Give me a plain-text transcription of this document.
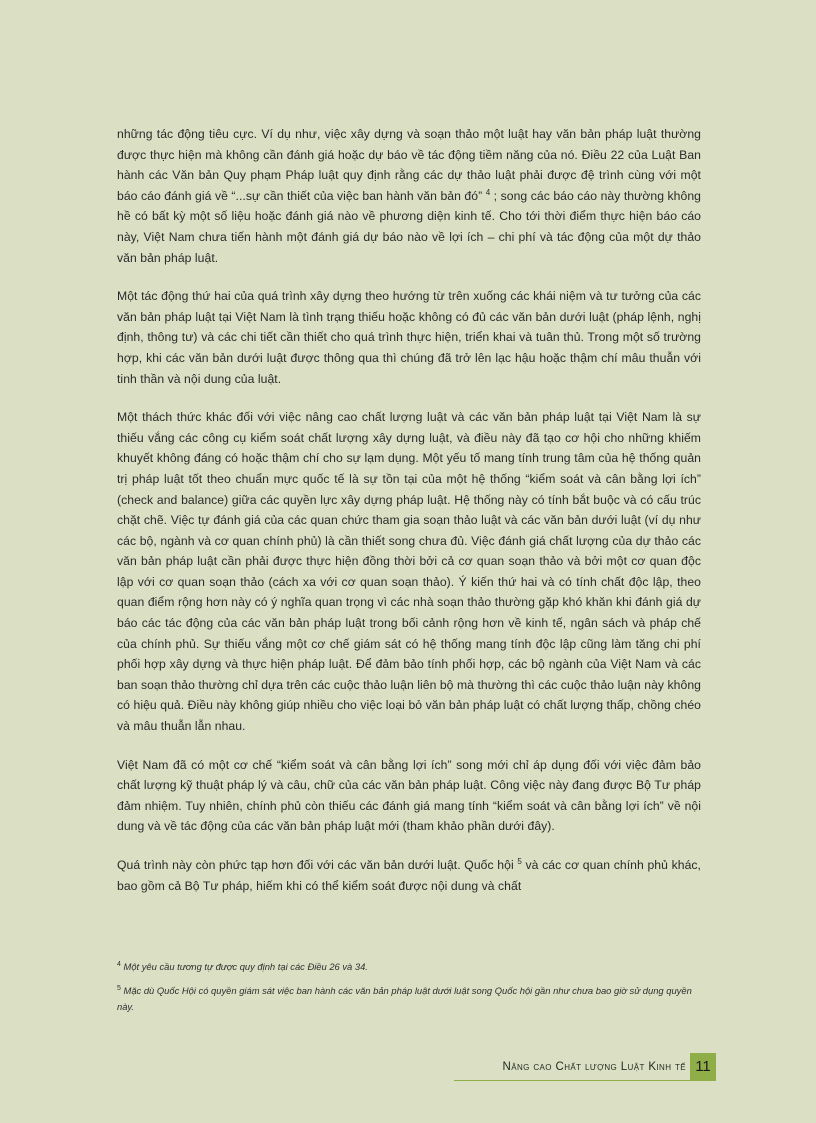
những tác động tiêu cực. Ví dụ như, việc xây dựng và soạn thảo một luật hay văn bản pháp luật thường được thực hiện mà không cần đánh giá hoặc dự báo về tác động tiềm năng của nó. Điều 22 của Luật Ban hành các Văn bản Quy phạm Pháp luật quy định rằng các dự thảo luật phải được đệ trình cùng với một báo cáo đánh giá về “...sự cần thiết của việc ban hành văn bản đó” $^4$ ; song các báo cáo này thường không hề có bất kỳ một số liệu hoặc đánh giá nào về phương diện kinh tế. Cho tới thời điểm thực hiện báo cáo này, Việt Nam chưa tiến hành một đánh giá dự báo nào về lợi ích – chi phí và tác động của một dự thảo văn bản pháp luật.

Một tác động thứ hai của quá trình xây dựng theo hướng từ trên xuống các khái niệm và tư tưởng của các văn bản pháp luật tại Việt Nam là tình trạng thiếu hoặc không có đủ các văn bản dưới luật (pháp lệnh, nghị định, thông tư) và các chi tiết cần thiết cho quá trình thực hiện, triển khai và tuân thủ. Trong một số trường hợp, khi các văn bản dưới luật được thông qua thì chúng đã trở lên lạc hậu hoặc thậm chí mâu thuẫn với tinh thần và nội dung của luật.

Một thách thức khác đối với việc nâng cao chất lượng luật và các văn bản pháp luật tại Việt Nam là sự thiếu vắng các công cụ kiểm soát chất lượng xây dựng luật, và điều này đã tạo cơ hội cho những khiếm khuyết không đáng có hoặc thậm chí cho sự lạm dụng. Một yếu tố mang tính trung tâm của hệ thống quản trị pháp luật tốt theo chuẩn mực quốc tế là sự tồn tại của một hệ thống “kiểm soát và cân bằng lợi ích” (check and balance) giữa các quyền lực xây dựng pháp luật. Hệ thống này có tính bắt buộc và có cấu trúc chặt chẽ. Việc tự đánh giá của các quan chức tham gia soạn thảo luật và các văn bản dưới luật (ví dụ như các bộ, ngành và cơ quan chính phủ) là cần thiết song chưa đủ. Việc đánh giá chất lượng của dự thảo các văn bản pháp luật cần phải được thực hiện đồng thời bởi cả cơ quan soạn thảo và bởi một cơ quan độc lập với cơ quan soạn thảo (cách xa với cơ quan soạn thảo). Ý kiến thứ hai và có tính chất độc lập, theo quan điểm rộng hơn này có ý nghĩa quan trọng vì các nhà soạn thảo thường gặp khó khăn khi đánh giá dự báo các tác động của các văn bản pháp luật trong bối cảnh rộng hơn về kinh tế, ngân sách và pháp chế của chính phủ. Sự thiếu vắng một cơ chế giám sát có hệ thống mang tính độc lập cũng làm tăng chi phí phối hợp xây dựng và thực hiện pháp luật. Để đảm bảo tính phối hợp, các bộ ngành của Việt Nam và các ban soạn thảo thường chỉ dựa trên các cuộc thảo luận liên bộ mà thường thì các cuộc thảo luận này không có hiệu quả. Điều này không giúp nhiều cho việc loại bỏ văn bản pháp luật có chất lượng thấp, chồng chéo và mâu thuẫn lẫn nhau.

Việt Nam đã có một cơ chế “kiểm soát và cân bằng lợi ích” song mới chỉ áp dụng đối với việc đảm bảo chất lượng kỹ thuật pháp lý và câu, chữ của các văn bản pháp luật. Công việc này đang được Bộ Tư pháp đảm nhiệm. Tuy nhiên, chính phủ còn thiếu các đánh giá mang tính “kiểm soát và cân bằng lợi ích” về nội dung và về tác động của các văn bản pháp luật mới (tham khảo phần dưới đây).

Quá trình này còn phức tạp hơn đối với các văn bản dưới luật. Quốc hội $^5$ và các cơ quan chính phủ khác, bao gồm cả Bộ Tư pháp, hiếm khi có thể kiểm soát được nội dung và chất

$^4$ Một yêu cầu tương tự được quy định tại các Điều 26 và 34.

$^5$ Mặc dù Quốc Hội có quyền giám sát việc ban hành các văn bản pháp luật dưới luật song Quốc hội gần như chưa bao giờ sử dụng quyền này.

Nâng cao Chất lượng Luật Kinh tế 11
